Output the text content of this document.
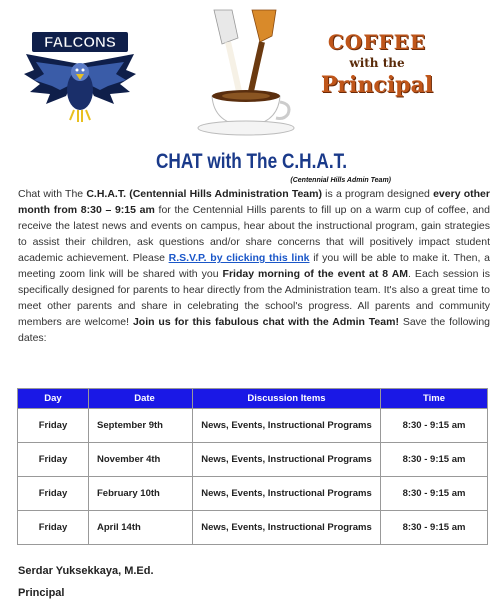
FALCONS	COFFEE
with the
Principal
CHAT with The C.H.A.T.
(Centennial Hills Admin Team)
Chat with The C.H.A.T. (Centennial Hills Administration Team) is a program designed every other month from 8:30 – 9:15 am for the Centennial Hills parents to fill up on a warm cup of coffee, and receive the latest news and events on campus, hear about the instructional program, gain strategies to assist their children, ask questions and/or share concerns that will positively impact student academic achievement. Please R.S.V.P. by clicking this link if you will be able to make it. Then, a meeting zoom link will be shared with you Friday morning of the event at 8 AM. Each session is specifically designed for parents to hear directly from the Administration team. It's also a great time to meet other parents and share in celebrating the school's progress. All parents and community members are welcome! Join us for this fabulous chat with the Admin Team! Save the following dates:
Day	Date	Discussion Items	Time
Friday	September 9th	News, Events, Instructional Programs	8:30 - 9:15 am
Friday	November 4th	News, Events, Instructional Programs	8:30 - 9:15 am
Friday	February 10th	News, Events, Instructional Programs	8:30 - 9:15 am
Friday	April 14th	News, Events, Instructional Programs	8:30 - 9:15 am
Serdar Yuksekkaya, M.Ed.
Principal
